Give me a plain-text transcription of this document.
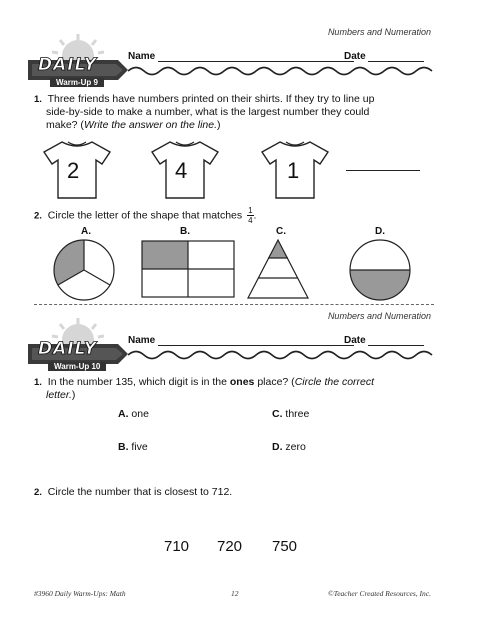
Numbers and Numeration
DAILY
Warm-Up 9
Name	Date
1. Three friends have numbers printed on their shirts. If they try to line up
side-by-side to make a number, what is the largest number they could
make? (Write the answer on the line.)
2	4	1
2. Circle the letter of the shape that matches $\frac{1}{4}$ .
A.	B.	C.	D.
Numbers and Numeration
DAILY
Warm-Up 10
Name	Date
1. In the number 135, which digit is in the ones place? (Circle the correct
letter.)
A. one	C. three
B. five	D. zero
2. Circle the number that is closest to 712.
710 720 750
#3960 Daily Warm-Ups: Math	12	©Teacher Created Resources, Inc.
